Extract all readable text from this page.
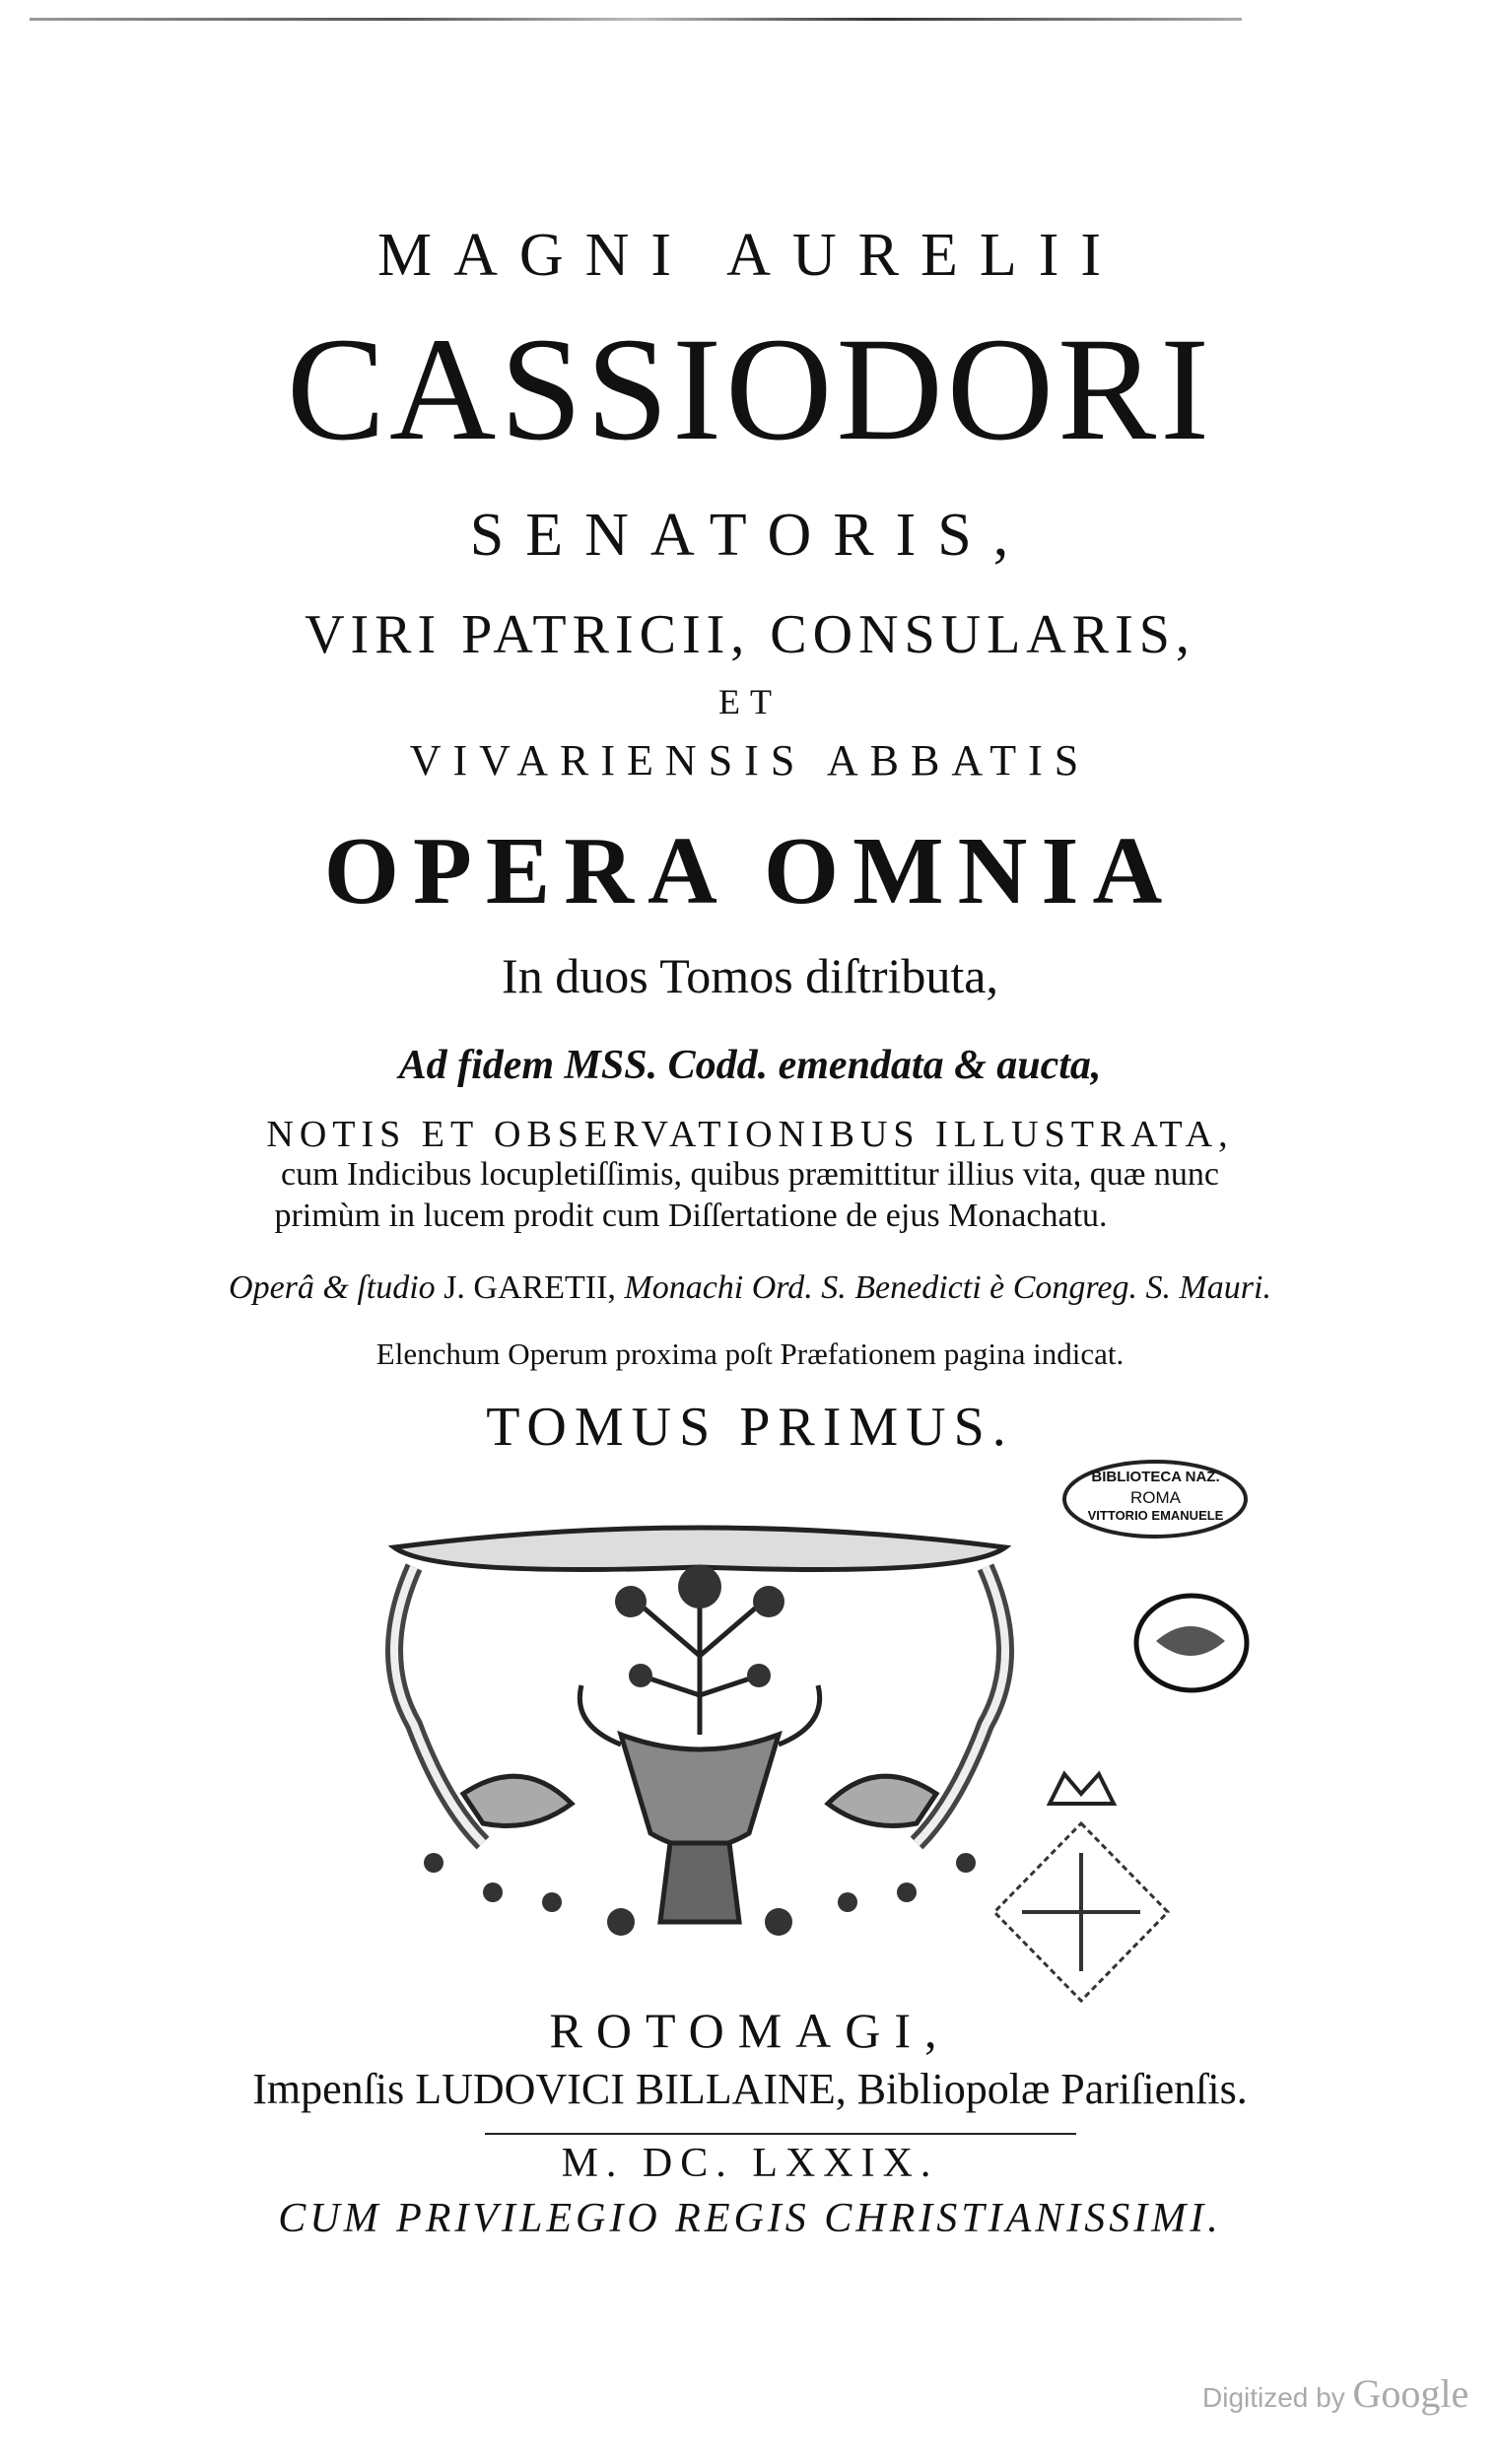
MAGNI AURELII
CASSIODORI
SENATORIS,
VIRI PATRICII, CONSULARIS,
ET
VIVARIENSIS ABBATIS
OPERA OMNIA
In duos Tomos diſtributa,
Ad fidem MSS. Codd. emendata & aucta,
NOTIS ET OBSERVATIONIBUS ILLUSTRATA,
cum Indicibus locupletiſſimis, quibus præmittitur illius vita, quæ nunc
primùm in lucem prodit cum Diſſertatione de ejus Monachatu.
Operâ & ſtudio J. GARETII, Monachi Ord. S. Benedicti è Congreg. S. Mauri.
Elenchum Operum proxima poſt Præfationem pagina indicat.
TOMUS PRIMUS.
BIBLIOTECA NAZ.
ROMA
VITTORIO EMANUELE
ROTOMAGI,
Impenſis LUDOVICI BILLAINE, Bibliopolæ Pariſienſis.
M. DC. LXXIX.
CUM PRIVILEGIO REGIS CHRISTIANISSIMI.
Digitized by Google
